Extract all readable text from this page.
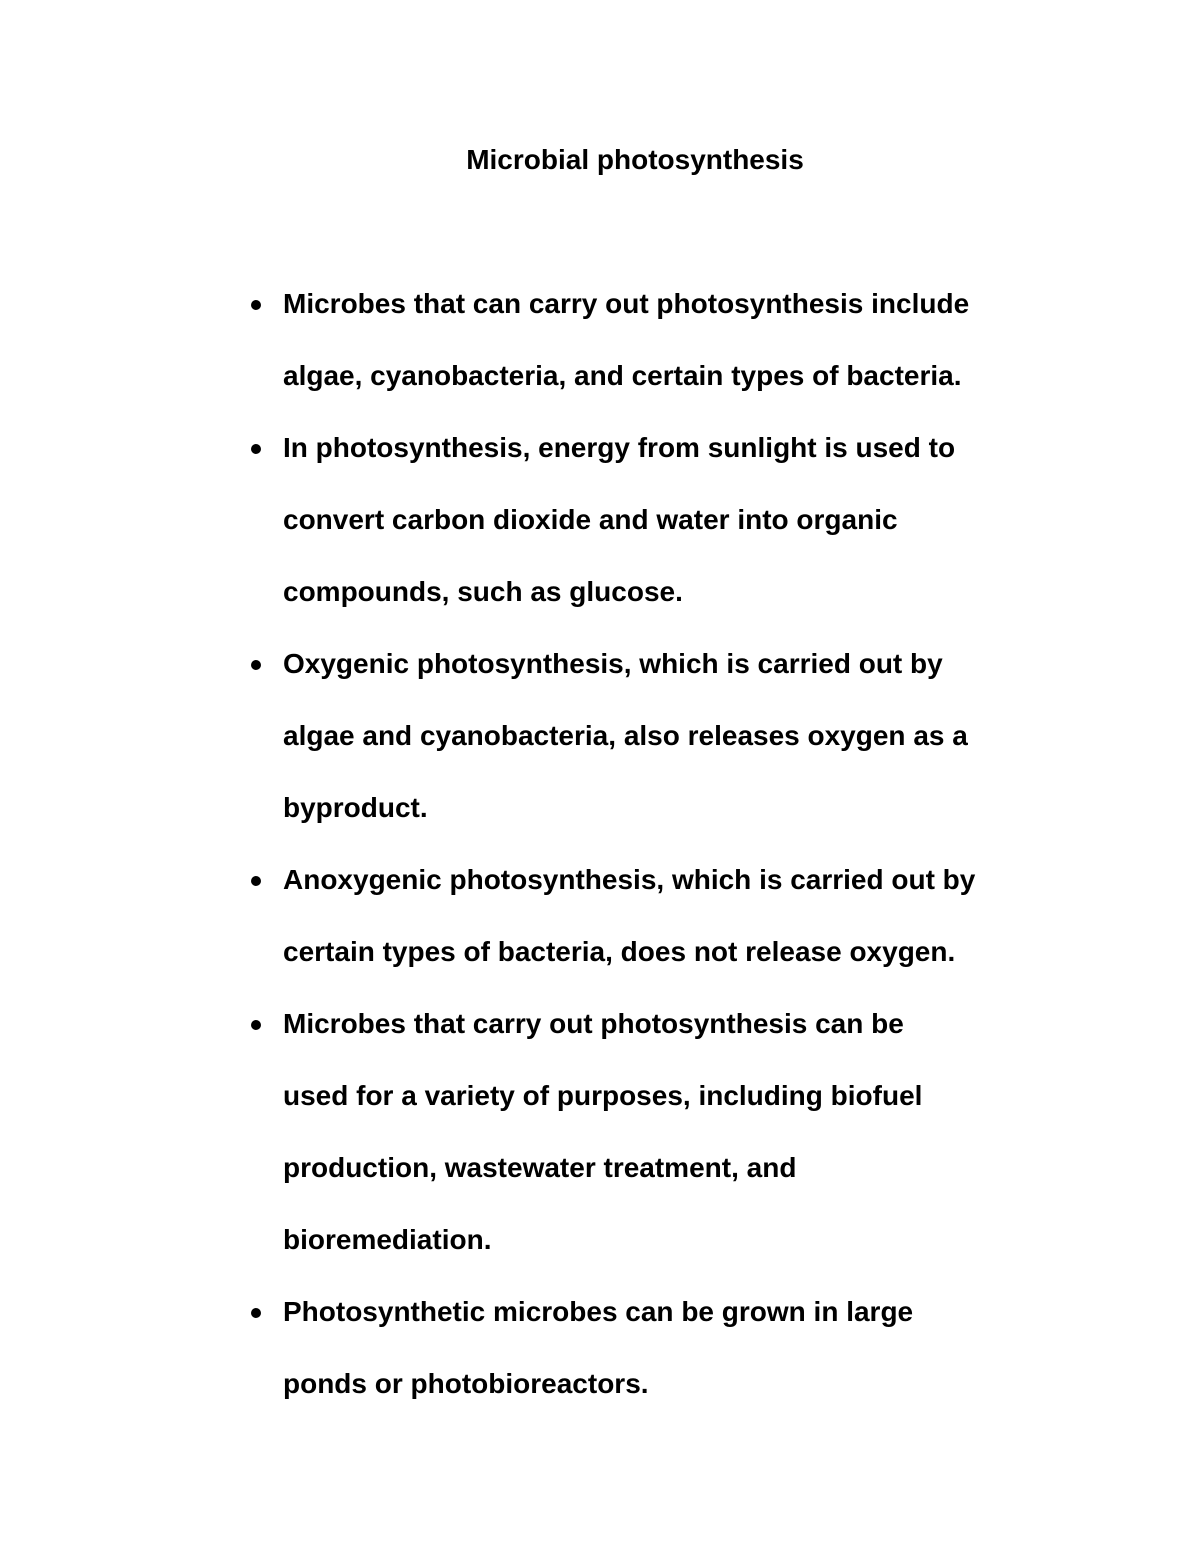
Microbial photosynthesis
Microbes that can carry out photosynthesis include
algae, cyanobacteria, and certain types of bacteria.
In photosynthesis, energy from sunlight is used to
convert carbon dioxide and water into organic
compounds, such as glucose.
Oxygenic photosynthesis, which is carried out by
algae and cyanobacteria, also releases oxygen as a
byproduct.
Anoxygenic photosynthesis, which is carried out by
certain types of bacteria, does not release oxygen.
Microbes that carry out photosynthesis can be
used for a variety of purposes, including biofuel
production, wastewater treatment, and
bioremediation.
Photosynthetic microbes can be grown in large
ponds or photobioreactors.
